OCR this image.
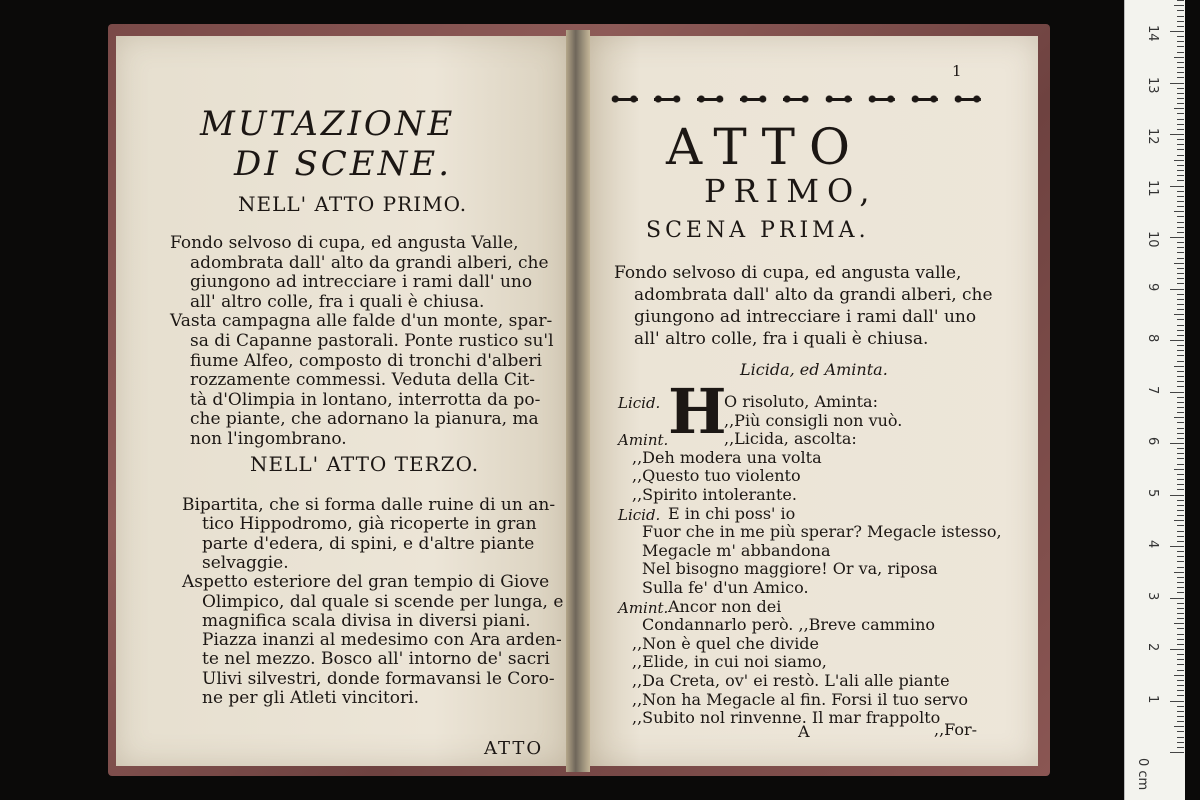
MUTAZIONE
DI SCENE.
NELL' ATTO PRIMO.
Fondo selvoso di cupa, ed angusta Valle,
adombrata dall' alto da grandi alberi, che
giungono ad intrecciare i rami dall' uno
all' altro colle, fra i quali è chiusa.
Vasta campagna alle falde d'un monte, spar-
sa di Capanne pastorali. Ponte rustico su'l
fiume Alfeo, composto di tronchi d'alberi
rozzamente commessi. Veduta della Cit-
tà d'Olimpia in lontano, interrotta da po-
che piante, che adornano la pianura, ma
non l'ingombrano.
NELL' ATTO TERZO.
Bipartita, che si forma dalle ruine di un an-
tico Hippodromo, già ricoperte in gran
parte d'edera, di spini, e d'altre piante
selvaggie.
Aspetto esteriore del gran tempio di Giove
Olimpico, dal quale si scende per lunga, e
magnifica scala divisa in diversi piani.
Piazza inanzi al medesimo con Ara arden-
te nel mezzo. Bosco all' intorno de' sacri
Ulivi silvestri, donde formavansi le Coro-
ne per gli Atleti vincitori.
ATTO
1
ATTO
PRIMO,
SCENA PRIMA.
Fondo selvoso di cupa, ed angusta valle,
adombrata dall' alto da grandi alberi, che
giungono ad intrecciare i rami dall' uno
all' altro colle, fra i quali è chiusa.
Licida, ed Aminta.
H
Licid.	O risoluto, Aminta:
,,Più consigli non vuò.
Amint.	,,Licida, ascolta:
,,Deh modera una volta
,,Questo tuo violento
,,Spirito intolerante.
Licid. E in chi poss' io
Fuor che in me più sperar? Megacle istesso,
Megacle m' abbandona
Nel bisogno maggiore! Or va, riposa
Sulla fe' d'un Amico.
Amint. Ancor non dei
Condannarlo però. ,,Breve cammino
,,Non è quel che divide
,,Elide, in cui noi siamo,
,,Da Creta, ov' ei restò. L'ali alle piante
,,Non ha Megacle al fin. Forsi il tuo servo
,,Subito nol rinvenne. Il mar frappolto
A	,,For-
0 cm
1
2
3
4
5
6
7
8
9
10
11
12
13
14
